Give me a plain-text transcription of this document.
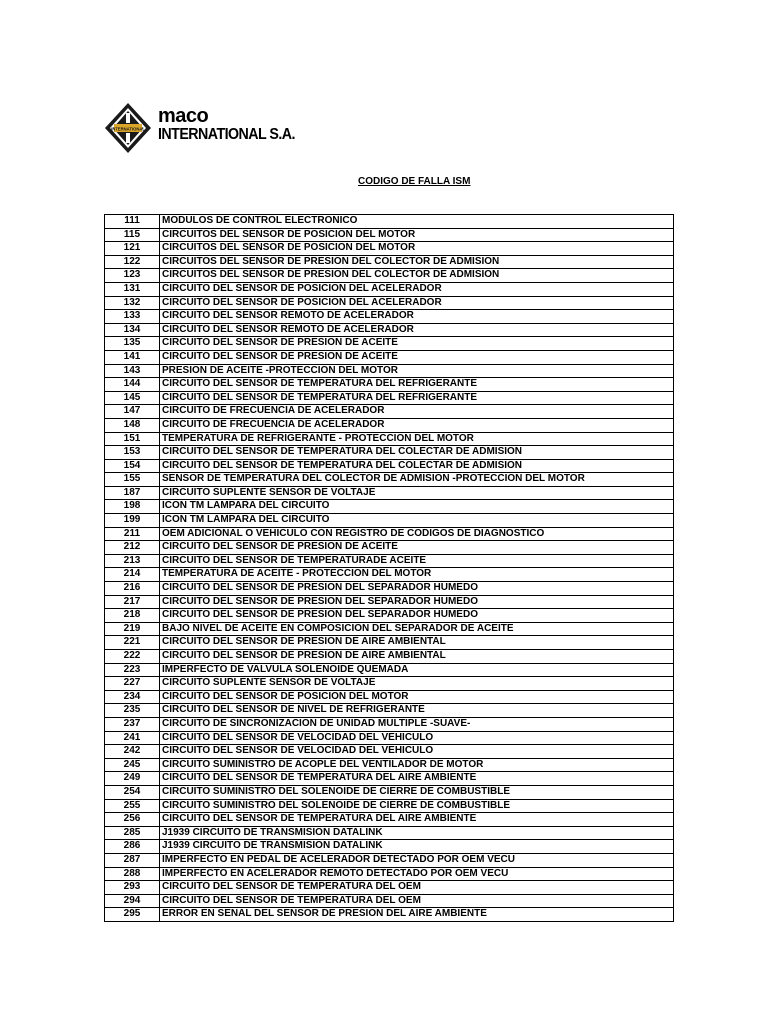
INTERNATIONAL
maco
INTERNATIONAL S.A.
CODIGO DE FALLA ISM
111	MODULOS DE CONTROL ELECTRONICO
115	CIRCUITOS DEL SENSOR DE POSICION DEL MOTOR
121	CIRCUITOS DEL SENSOR DE POSICION DEL MOTOR
122	CIRCUITOS DEL SENSOR DE PRESION DEL COLECTOR DE ADMISION
123	CIRCUITOS DEL SENSOR DE PRESION DEL COLECTOR DE ADMISION
131	CIRCUITO DEL SENSOR DE POSICION DEL ACELERADOR
132	CIRCUITO DEL SENSOR DE POSICION DEL ACELERADOR
133	CIRCUITO DEL SENSOR REMOTO DE ACELERADOR
134	CIRCUITO DEL SENSOR REMOTO DE ACELERADOR
135	CIRCUITO DEL SENSOR DE PRESION DE ACEITE
141	CIRCUITO DEL SENSOR DE PRESION DE ACEITE
143	PRESION DE ACEITE -PROTECCION DEL MOTOR
144	CIRCUITO DEL SENSOR DE TEMPERATURA DEL REFRIGERANTE
145	CIRCUITO DEL SENSOR DE TEMPERATURA DEL REFRIGERANTE
147	CIRCUITO DE FRECUENCIA DE ACELERADOR
148	CIRCUITO DE FRECUENCIA DE ACELERADOR
151	TEMPERATURA DE REFRIGERANTE - PROTECCION DEL MOTOR
153	CIRCUITO DEL SENSOR DE TEMPERATURA DEL COLECTAR DE ADMISION
154	CIRCUITO DEL SENSOR DE TEMPERATURA DEL COLECTAR DE ADMISION
155	SENSOR DE TEMPERATURA DEL COLECTOR DE ADMISION -PROTECCION DEL MOTOR
187	CIRCUITO SUPLENTE SENSOR DE VOLTAJE
198	ICON TM LAMPARA DEL CIRCUITO
199	ICON TM LAMPARA DEL CIRCUITO
211	OEM ADICIONAL O VEHICULO CON REGISTRO DE CODIGOS DE DIAGNOSTICO
212	CIRCUITO DEL SENSOR DE PRESION DE ACEITE
213	CIRCUITO DEL SENSOR DE TEMPERATURADE ACEITE
214	TEMPERATURA DE ACEITE - PROTECCION DEL MOTOR
216	CIRCUITO DEL SENSOR DE PRESION DEL SEPARADOR HUMEDO
217	CIRCUITO DEL SENSOR DE PRESION DEL SEPARADOR HUMEDO
218	CIRCUITO DEL SENSOR DE PRESION DEL SEPARADOR HUMEDO
219	BAJO NIVEL DE ACEITE EN COMPOSICION DEL SEPARADOR DE ACEITE
221	CIRCUITO DEL SENSOR DE PRESION DE AIRE AMBIENTAL
222	CIRCUITO DEL SENSOR DE PRESION DE AIRE AMBIENTAL
223	IMPERFECTO DE VALVULA SOLENOIDE QUEMADA
227	CIRCUITO SUPLENTE SENSOR DE VOLTAJE
234	CIRCUITO DEL SENSOR DE POSICION DEL MOTOR
235	CIRCUITO DEL SENSOR DE NIVEL DE REFRIGERANTE
237	CIRCUITO DE SINCRONIZACION DE UNIDAD MULTIPLE -SUAVE-
241	CIRCUITO DEL SENSOR DE VELOCIDAD DEL VEHICULO
242	CIRCUITO DEL SENSOR DE VELOCIDAD DEL VEHICULO
245	CIRCUITO SUMINISTRO DE ACOPLE DEL VENTILADOR DE MOTOR
249	CIRCUITO DEL SENSOR DE TEMPERATURA DEL AIRE AMBIENTE
254	CIRCUITO SUMINISTRO DEL SOLENOIDE DE CIERRE DE COMBUSTIBLE
255	CIRCUITO SUMINISTRO DEL SOLENOIDE DE CIERRE DE COMBUSTIBLE
256	CIRCUITO DEL SENSOR DE TEMPERATURA DEL AIRE AMBIENTE
285	J1939 CIRCUITO DE TRANSMISION DATALINK
286	J1939 CIRCUITO DE TRANSMISION DATALINK
287	IMPERFECTO EN PEDAL DE ACELERADOR DETECTADO POR OEM VECU
288	IMPERFECTO EN ACELERADOR REMOTO DETECTADO POR OEM VECU
293	CIRCUITO DEL SENSOR DE TEMPERATURA DEL OEM
294	CIRCUITO DEL SENSOR DE TEMPERATURA DEL OEM
295	ERROR EN SENAL DEL SENSOR DE PRESION DEL AIRE AMBIENTE
